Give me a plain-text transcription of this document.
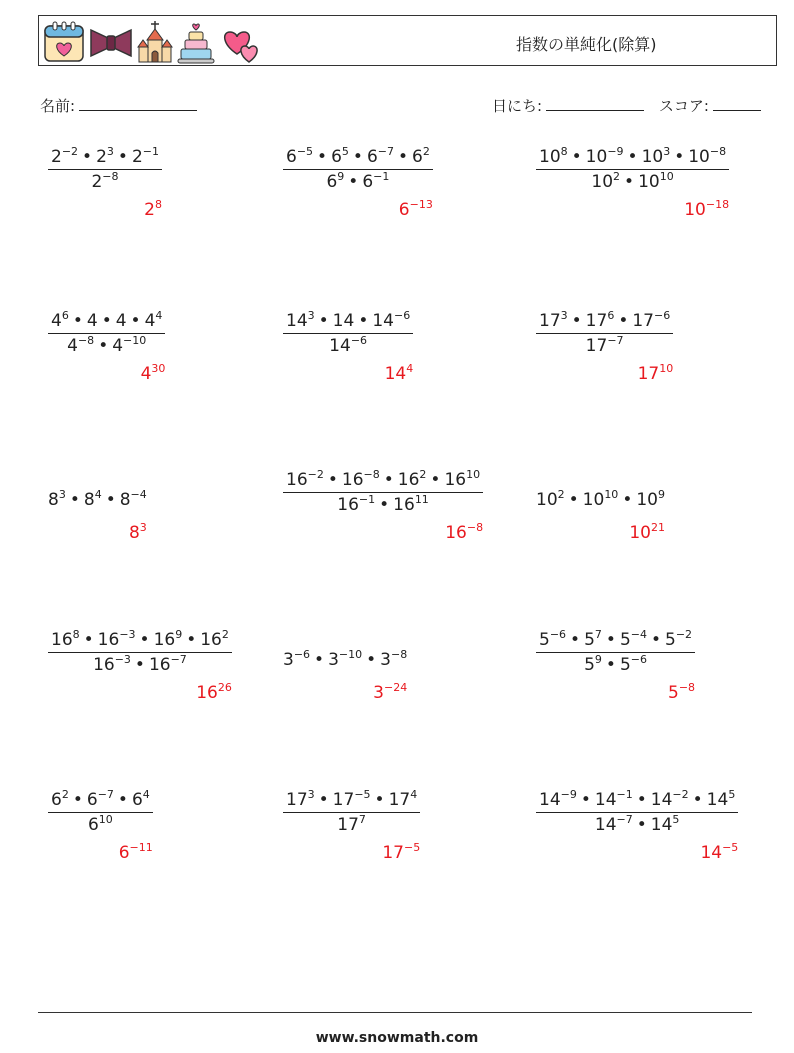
指数の単純化(除算)
名前:	日にち:	スコア:
$\frac{2^{-2} • 2^3 • 2^{-1}}{2^{-8}}$
$2^8$
$\frac{6^{-5} • 6^5 • 6^{-7} • 6^2}{6^9 • 6^{-1}}$
$6^{-13}$
$\frac{10^8 • 10^{-9} • 10^3 • 10^{-8}}{10^2 • 10^{10}}$
$10^{-18}$
$\frac{4^6 • 4 • 4 • 4^4}{4^{-8} • 4^{-10}}$
$4^{30}$
$\frac{14^3 • 14 • 14^{-6}}{14^{-6}}$
$14^4$
$\frac{17^3 • 17^6 • 17^{-6}}{17^{-7}}$
$17^{10}$
$8^3$ • $8^4$ • $8^{-4}$
$8^3$
$\frac{16^{-2} • 16^{-8} • 16^2 • 16^{10}}{16^{-1} • 16^{11}}$
$16^{-8}$
$10^2$ • $10^{10}$ • $10^9$
$10^{21}$
$\frac{16^8 • 16^{-3} • 16^9 • 16^2}{16^{-3} • 16^{-7}}$
$16^{26}$
$3^{-6}$ • $3^{-10}$ • $3^{-8}$
$3^{-24}$
$\frac{5^{-6} • 5^7 • 5^{-4} • 5^{-2}}{5^9 • 5^{-6}}$
$5^{-8}$
$\frac{6^2 • 6^{-7} • 6^4}{6^{10}}$
$6^{-11}$
$\frac{17^3 • 17^{-5} • 17^4}{17^7}$
$17^{-5}$
$\frac{14^{-9} • 14^{-1} • 14^{-2} • 14^5}{14^{-7} • 14^5}$
$14^{-5}$
www.snowmath.com
